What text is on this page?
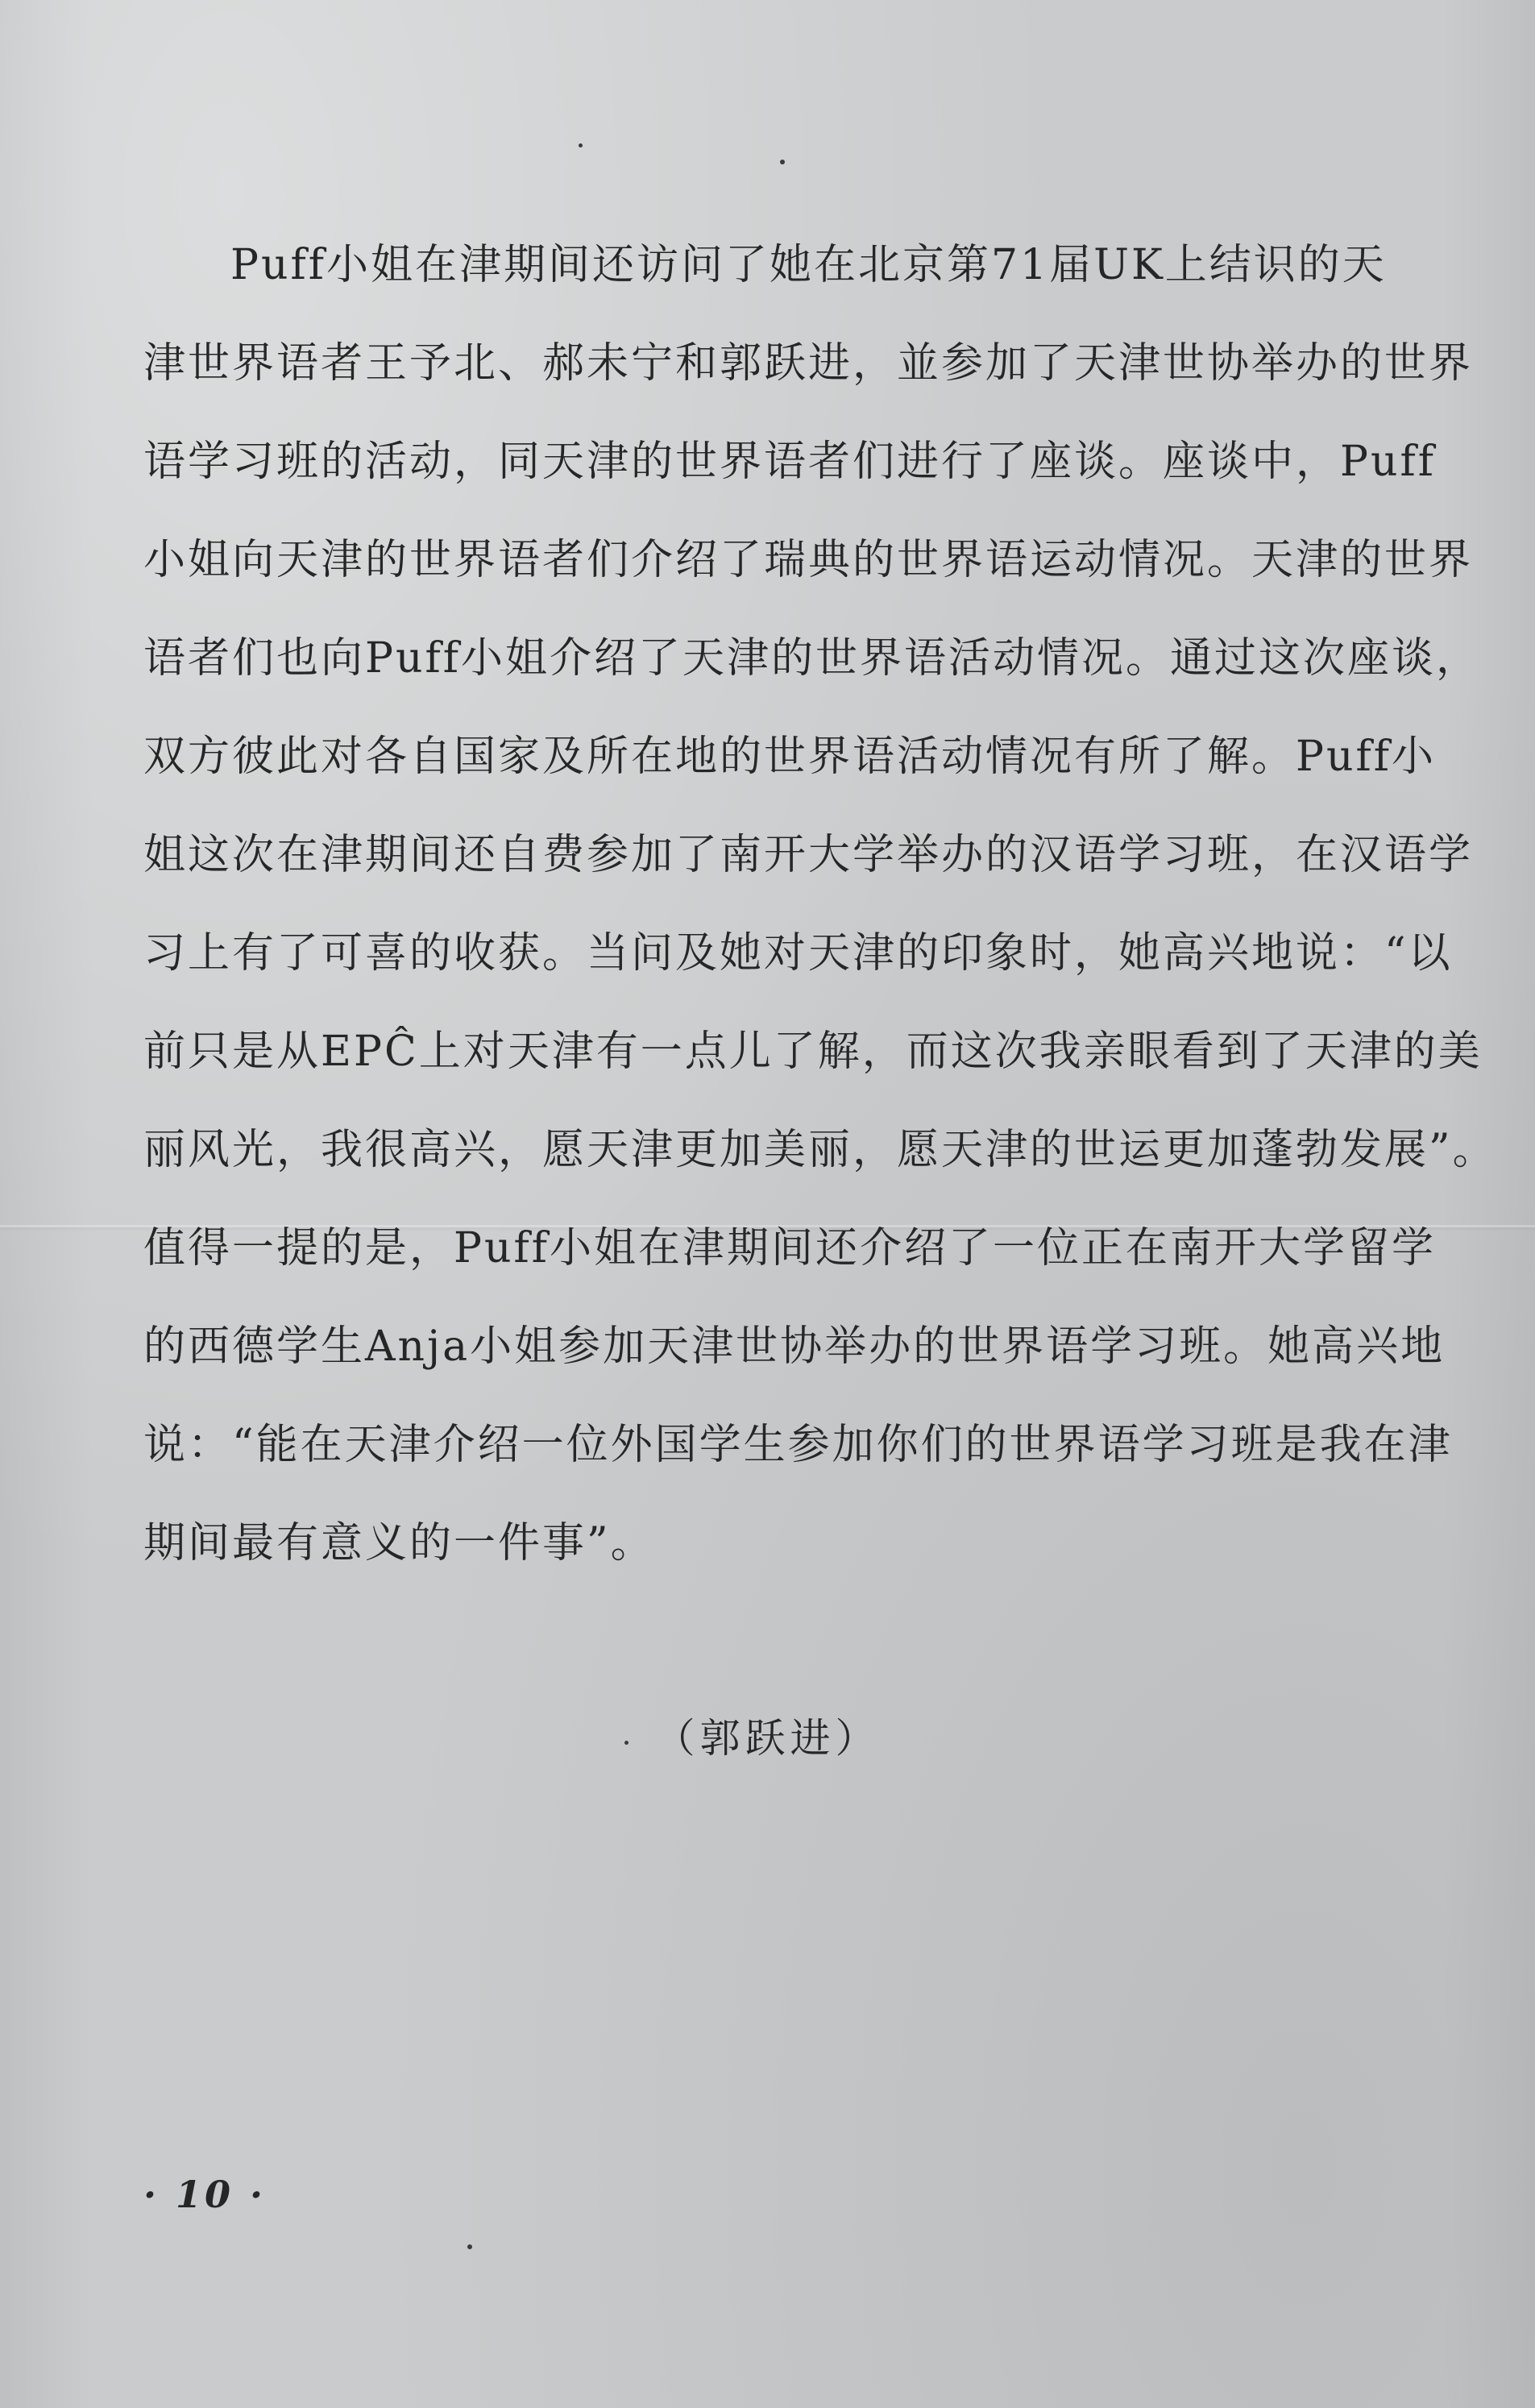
Puff小姐在津期间还访问了她在北京第71届UK上结识的天
津世界语者王予北、郝未宁和郭跃进，並参加了天津世协举办的世界
语学习班的活动，同天津的世界语者们进行了座谈。座谈中，Puff
小姐向天津的世界语者们介绍了瑞典的世界语运动情况。天津的世界
语者们也向Puff小姐介绍了天津的世界语活动情况。通过这次座谈，
双方彼此对各自国家及所在地的世界语活动情况有所了解。Puff小
姐这次在津期间还自费参加了南开大学举办的汉语学习班，在汉语学
习上有了可喜的收获。当问及她对天津的印象时，她高兴地说：“以
前只是从EPĈ上对天津有一点儿了解，而这次我亲眼看到了天津的美
丽风光，我很高兴，愿天津更加美丽，愿天津的世运更加蓬勃发展”。
值得一提的是，Puff小姐在津期间还介绍了一位正在南开大学留学
的西德学生Anja小姐参加天津世协举办的世界语学习班。她高兴地
说：“能在天津介绍一位外国学生参加你们的世界语学习班是我在津
期间最有意义的一件事”。
（郭跃进）
· 10 ·
